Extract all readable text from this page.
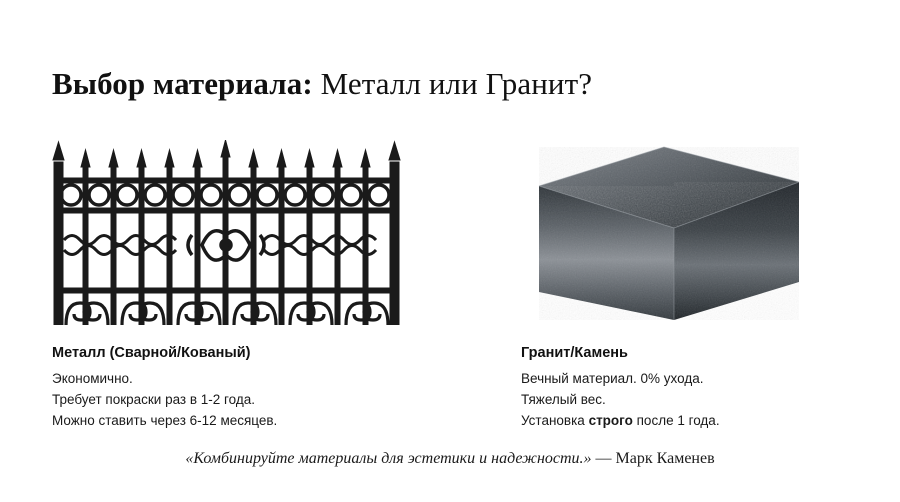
Выбор материала: Металл или Гранит?
Металл (Сварной/Кованый)
Экономично.
Требует покраски раз в 1-2 года.
Можно ставить через 6-12 месяцев.
Гранит/Камень
Вечный материал. 0% ухода.
Тяжелый вес.
Установка строго после 1 года.
«Комбинируйте материалы для эстетики и надежности.» — Марк Каменев
